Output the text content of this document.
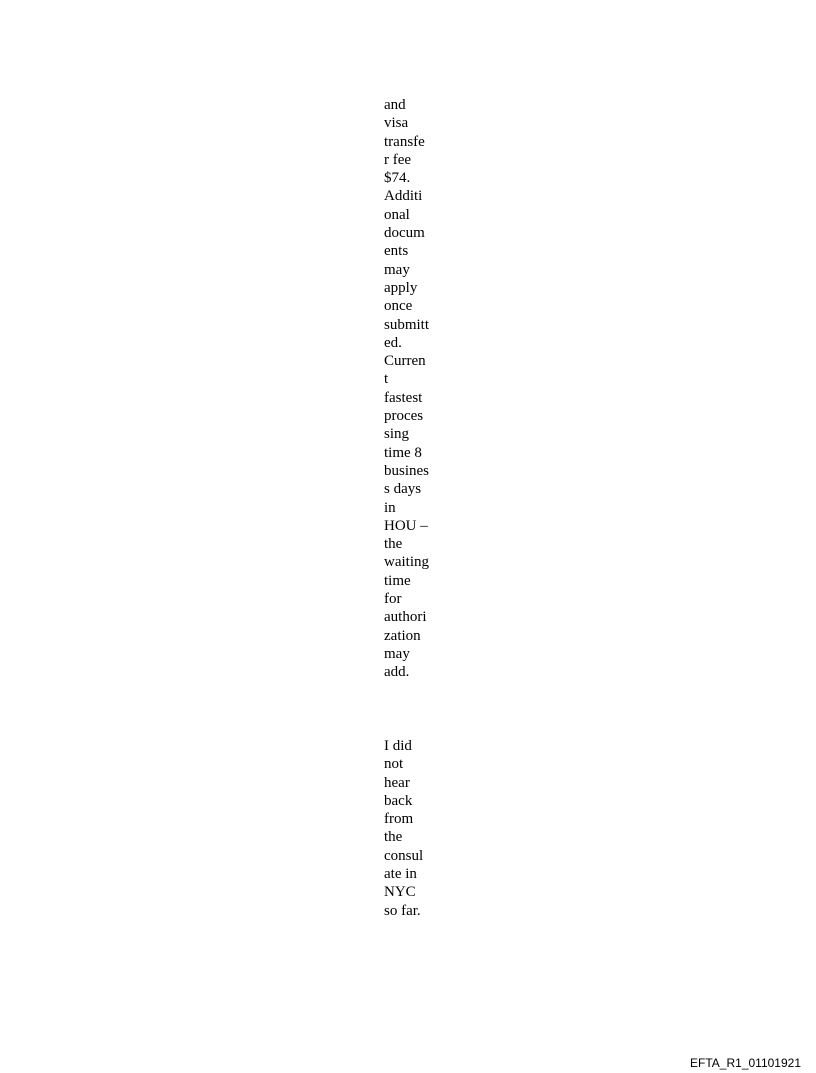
and
visa
transfe
r fee
$74.
Additi
onal
docum
ents
may
apply
once
submitt
ed.
Curren
t
fastest
proces
sing
time 8
busines
s days
in
HOU –
the
waiting
time
for
authori
zation
may
add.
I did
not
hear
back
from
the
consul
ate in
NYC
so far.
EFTA_R1_01101921
